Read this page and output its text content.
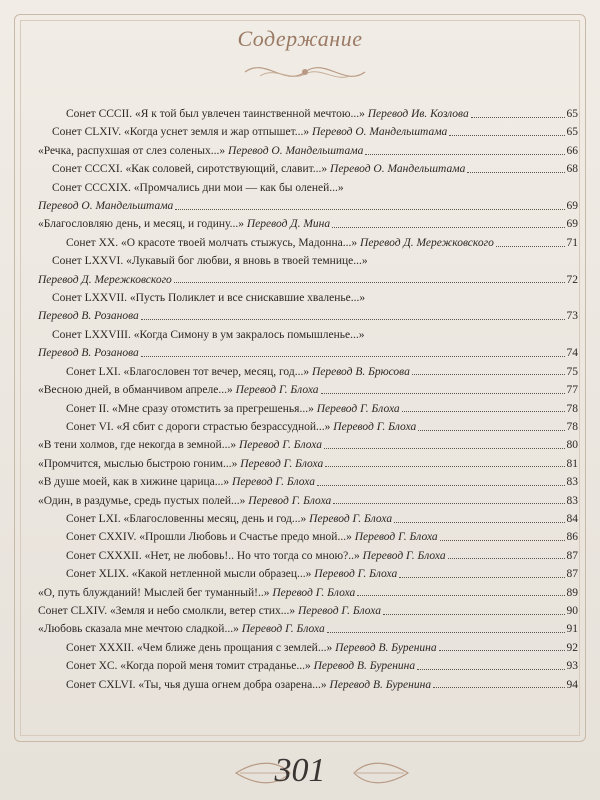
Содержание
Сонет CCCII. «Я к той был увлечен таинственной мечтою...» Перевод Ив. Козлова	65
Сонет CLXIV. «Когда уснет земля и жар отпышет...» Перевод О. Мандельштама	65
«Речка, распухшая от слез соленых...» Перевод О. Мандельштама	66
Сонет CCCXI. «Как соловей, сиротствующий, славит...» Перевод О. Мандельштама	68
Сонет CCCXIX. «Промчались дни мои — как бы оленей...»
Перевод О. Мандельштама	69
«Благословляю день, и месяц, и годину...» Перевод Д. Мина	69
Сонет XX. «О красоте твоей молчать стыжусь, Мадонна...» Перевод Д. Мережковского	71
Сонет LXXVI. «Лукавый бог любви, я вновь в твоей темнице...»
Перевод Д. Мережковского	72
Сонет LXXVII. «Пусть Поликлет и все снискавшие хваленье...»
Перевод В. Розанова	73
Сонет LXXVIII. «Когда Симону в ум закралось помышленье...»
Перевод В. Розанова	74
Сонет LXI. «Благословен тот вечер, месяц, год...» Перевод В. Брюсова	75
«Весною дней, в обманчивом апреле...» Перевод Г. Блоха	77
Сонет II. «Мне сразу отомстить за прегрешенья...» Перевод Г. Блоха	78
Сонет VI. «Я сбит с дороги страстью безрассудной...» Перевод Г. Блоха	78
«В тени холмов, где некогда в земной...» Перевод Г. Блоха	80
«Промчится, мыслью быстрою гоним...» Перевод Г. Блоха	81
«В душе моей, как в хижине царица...» Перевод Г. Блоха	83
«Один, в раздумье, средь пустых полей...» Перевод Г. Блоха	83
Сонет LXI. «Благословенны месяц, день и год...» Перевод Г. Блоха	84
Сонет CXXIV. «Прошли Любовь и Счастье предо мной...» Перевод Г. Блоха	86
Сонет CXXXII. «Нет, не любовь!.. Но что тогда со мною?..» Перевод Г. Блоха	87
Сонет XLIX. «Какой нетленной мысли образец...» Перевод Г. Блоха	87
«О, путь блужданий! Мыслей бег туманный!..» Перевод Г. Блоха	89
Сонет CLXIV. «Земля и небо смолкли, ветер стих...» Перевод Г. Блоха	90
«Любовь сказала мне мечтою сладкой...» Перевод Г. Блоха	91
Сонет XXXII. «Чем ближе день прощания с землей...» Перевод В. Буренина	92
Сонет XC. «Когда порой меня томит страданье...» Перевод В. Буренина	93
Сонет CXLVI. «Ты, чья душа огнем добра озарена...» Перевод В. Буренина	94
301
